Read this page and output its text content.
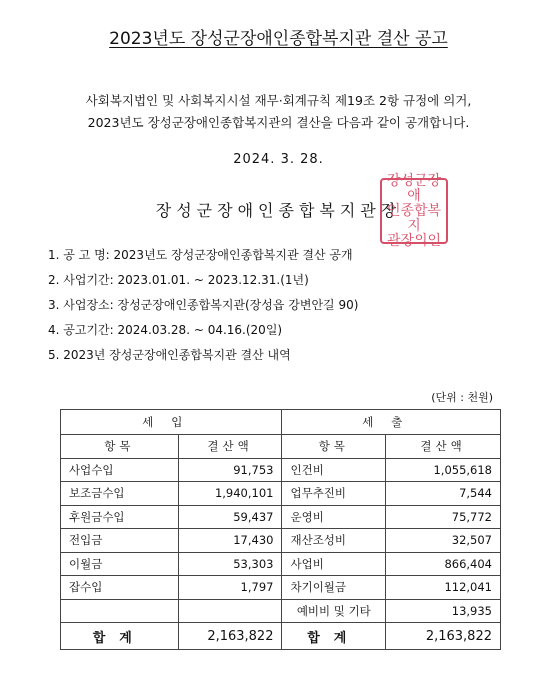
2023년도 장성군장애인종합복지관 결산 공고
사회복지법인 및 사회복지시설 재무·회계규칙 제19조 2항 규정에 의거,
2023년도 장성군장애인종합복지관의 결산을 다음과 같이 공개합니다.
2024. 3. 28.
장성군장애인종합복지관장
장성군장애
인종합복지
관장의인
1. 공 고 명: 2023년도 장성군장애인종합복지관 결산 공개
2. 사업기간: 2023.01.01. ~ 2023.12.31.(1년)
3. 사업장소: 장성군장애인종합복지관(장성읍 강변안길 90)
4. 공고기간: 2024.03.28. ~ 04.16.(20일)
5. 2023년 장성군장애인종합복지관 결산 내역
(단위 : 천원)
세입		세출	
항목	결산액	항목	결산액
사업수입	91,753	인건비	1,055,618
보조금수입	1,940,101	업무추진비	7,544
후원금수입	59,437	운영비	75,772
전입금	17,430	재산조성비	32,507
이월금	53,303	사업비	866,404
잡수입	1,797	차기이월금	112,041
		예비비 및 기타	13,935
합계	2,163,822	합계	2,163,822
